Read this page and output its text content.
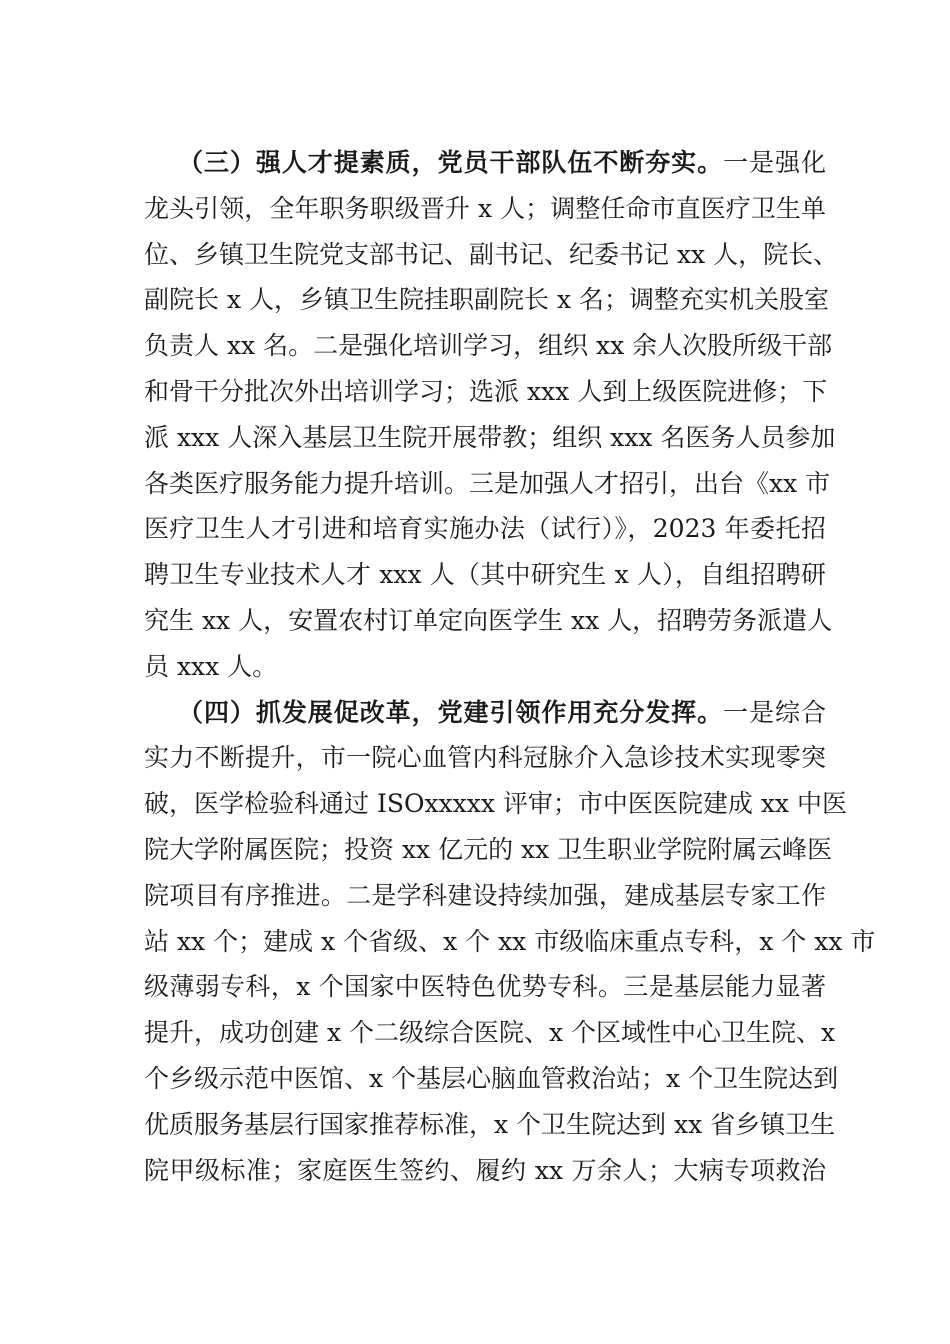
（三）强人才提素质，党员干部队伍不断夯实。一是强化
龙头引领，全年职务职级晋升 x 人；调整任命市直医疗卫生单
位、乡镇卫生院党支部书记、副书记、纪委书记 xx 人，院长、
副院长 x 人，乡镇卫生院挂职副院长 x 名；调整充实机关股室
负责人 xx 名。二是强化培训学习，组织 xx 余人次股所级干部
和骨干分批次外出培训学习；选派 xxx 人到上级医院进修；下
派 xxx 人深入基层卫生院开展带教；组织 xxx 名医务人员参加
各类医疗服务能力提升培训。三是加强人才招引，出台《xx 市
医疗卫生人才引进和培育实施办法（试行）》，2023 年委托招
聘卫生专业技术人才 xxx 人（其中研究生 x 人），自组招聘研
究生 xx 人，安置农村订单定向医学生 xx 人，招聘劳务派遣人
员 xxx 人。
（四）抓发展促改革，党建引领作用充分发挥。一是综合
实力不断提升，市一院心血管内科冠脉介入急诊技术实现零突
破，医学检验科通过 ISOxxxxx 评审；市中医医院建成 xx 中医
院大学附属医院；投资 xx 亿元的 xx 卫生职业学院附属云峰医
院项目有序推进。二是学科建设持续加强，建成基层专家工作
站 xx 个；建成 x 个省级、x 个 xx 市级临床重点专科，x 个 xx 市
级薄弱专科，x 个国家中医特色优势专科。三是基层能力显著
提升，成功创建 x 个二级综合医院、x 个区域性中心卫生院、x
个乡级示范中医馆、x 个基层心脑血管救治站；x 个卫生院达到
优质服务基层行国家推荐标准，x 个卫生院达到 xx 省乡镇卫生
院甲级标准；家庭医生签约、履约 xx 万余人；大病专项救治
